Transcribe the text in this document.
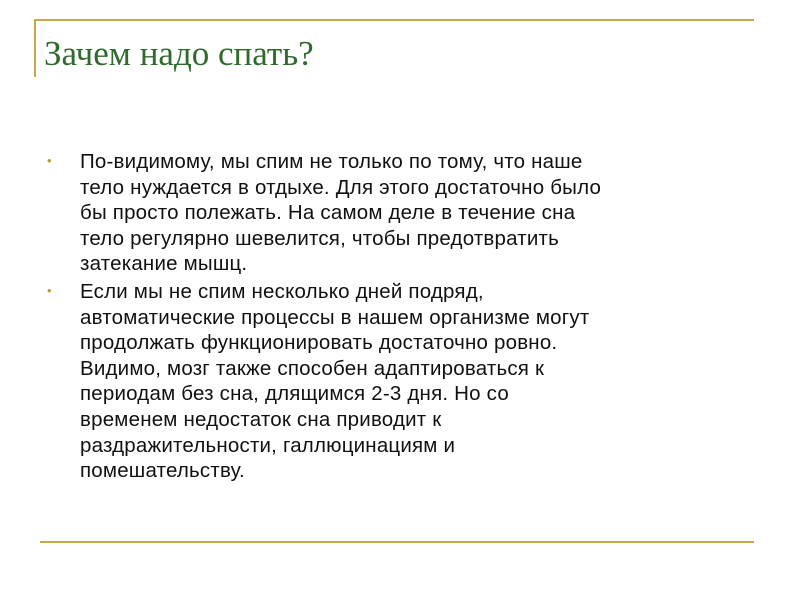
Зачем надо спать?
• По-видимому, мы спим не только по тому, что наше
тело нуждается в отдыхе. Для этого достаточно было
бы просто полежать. На самом деле в течение сна
тело регулярно шевелится, чтобы предотвратить
затекание мышц.
• Если мы не спим несколько дней подряд,
автоматические процессы в нашем организме могут
продолжать функционировать достаточно ровно.
Видимо, мозг также способен адаптироваться к
периодам без сна, длящимся 2-3 дня. Но со
временем недостаток сна приводит к
раздражительности, галлюцинациям и
помешательству.
